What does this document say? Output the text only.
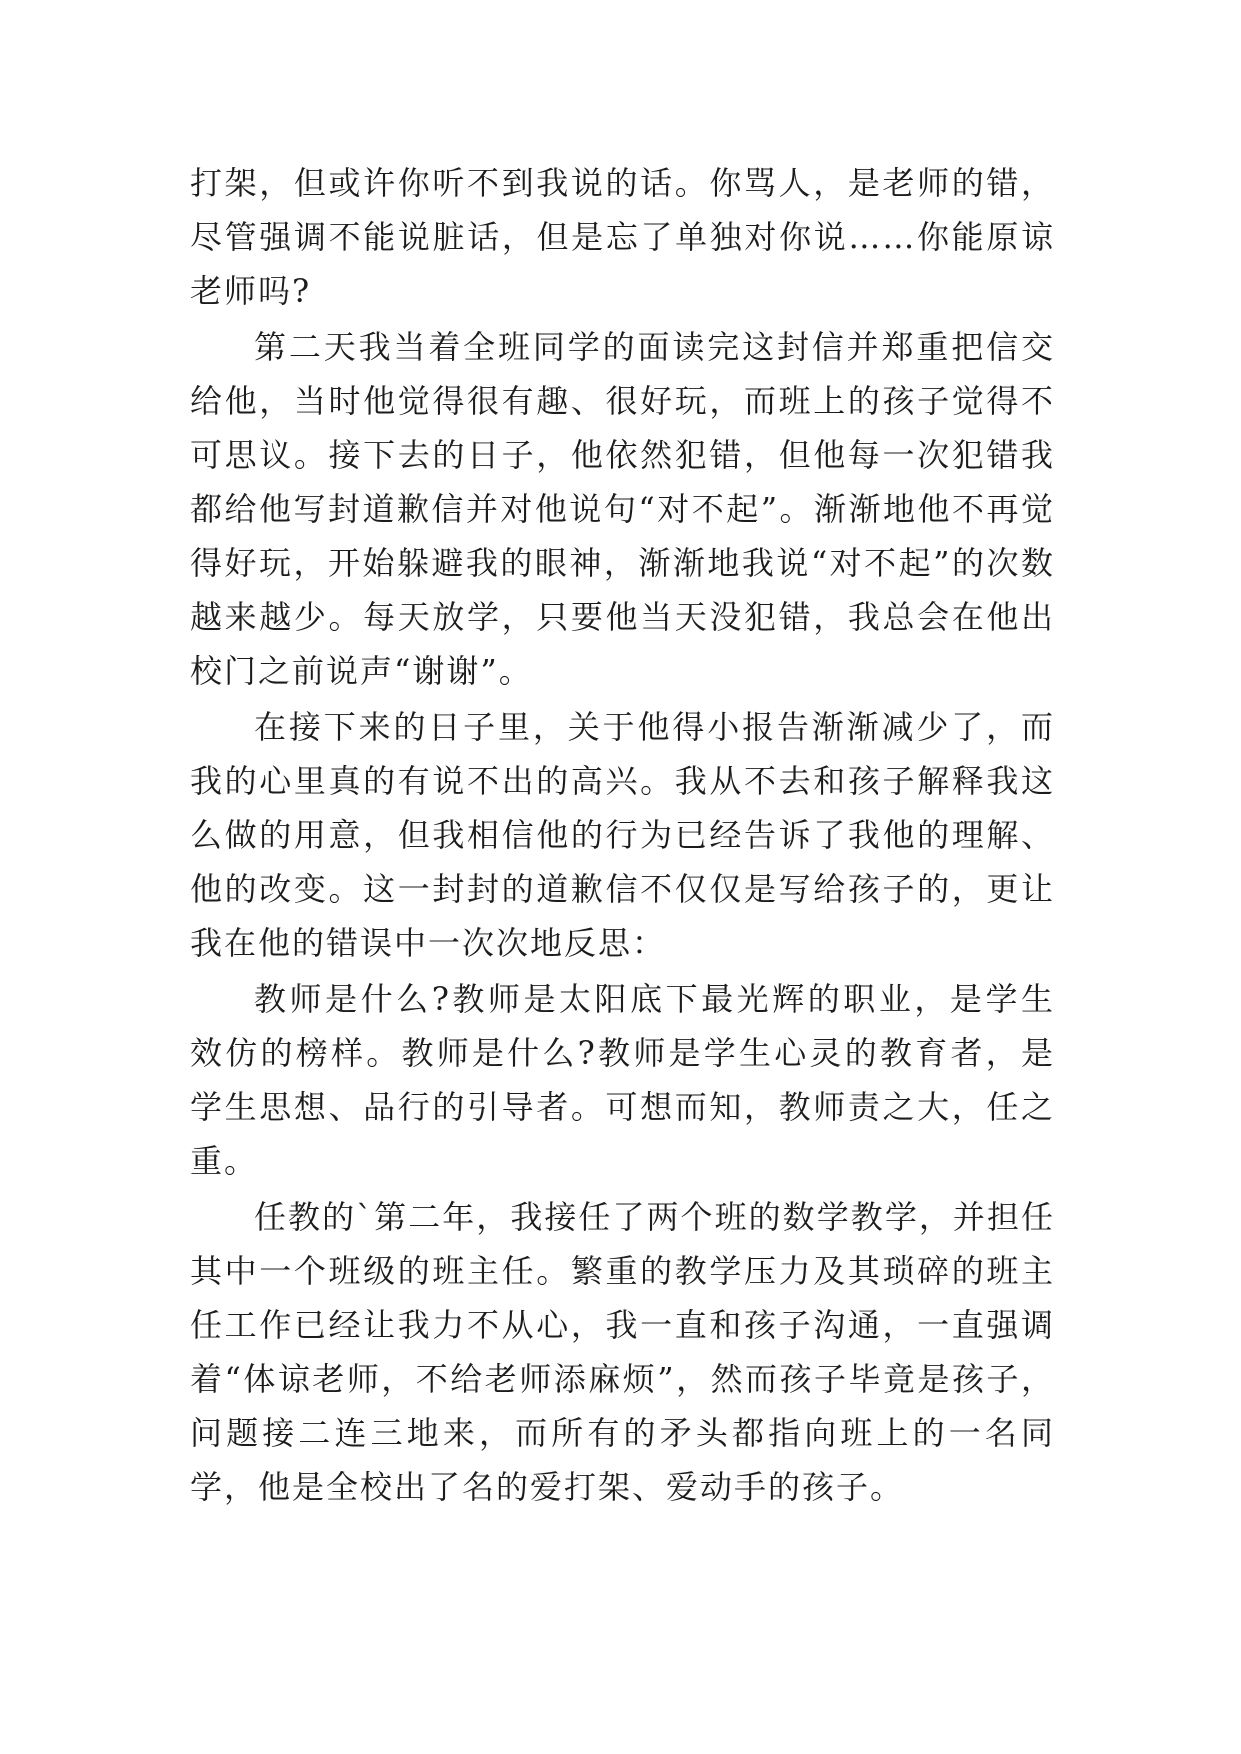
打架，但或许你听不到我说的话。你骂人，是老师的错，尽管强调不能说脏话，但是忘了单独对你说……你能原谅老师吗?

第二天我当着全班同学的面读完这封信并郑重把信交给他，当时他觉得很有趣、很好玩，而班上的孩子觉得不可思议。接下去的日子，他依然犯错，但他每一次犯错我都给他写封道歉信并对他说句“对不起”。渐渐地他不再觉得好玩，开始躲避我的眼神，渐渐地我说“对不起”的次数越来越少。每天放学，只要他当天没犯错，我总会在他出校门之前说声“谢谢”。

在接下来的日子里，关于他得小报告渐渐减少了，而我的心里真的有说不出的高兴。我从不去和孩子解释我这么做的用意，但我相信他的行为已经告诉了我他的理解、他的改变。这一封封的道歉信不仅仅是写给孩子的，更让我在他的错误中一次次地反思：

教师是什么?教师是太阳底下最光辉的职业，是学生效仿的榜样。教师是什么?教师是学生心灵的教育者，是学生思想、品行的引导者。可想而知，教师责之大，任之重。

任教的`第二年，我接任了两个班的数学教学，并担任其中一个班级的班主任。繁重的教学压力及其琐碎的班主任工作已经让我力不从心，我一直和孩子沟通，一直强调着“体谅老师，不给老师添麻烦”，然而孩子毕竟是孩子，问题接二连三地来，而所有的矛头都指向班上的一名同学，他是全校出了名的爱打架、爱动手的孩子。
